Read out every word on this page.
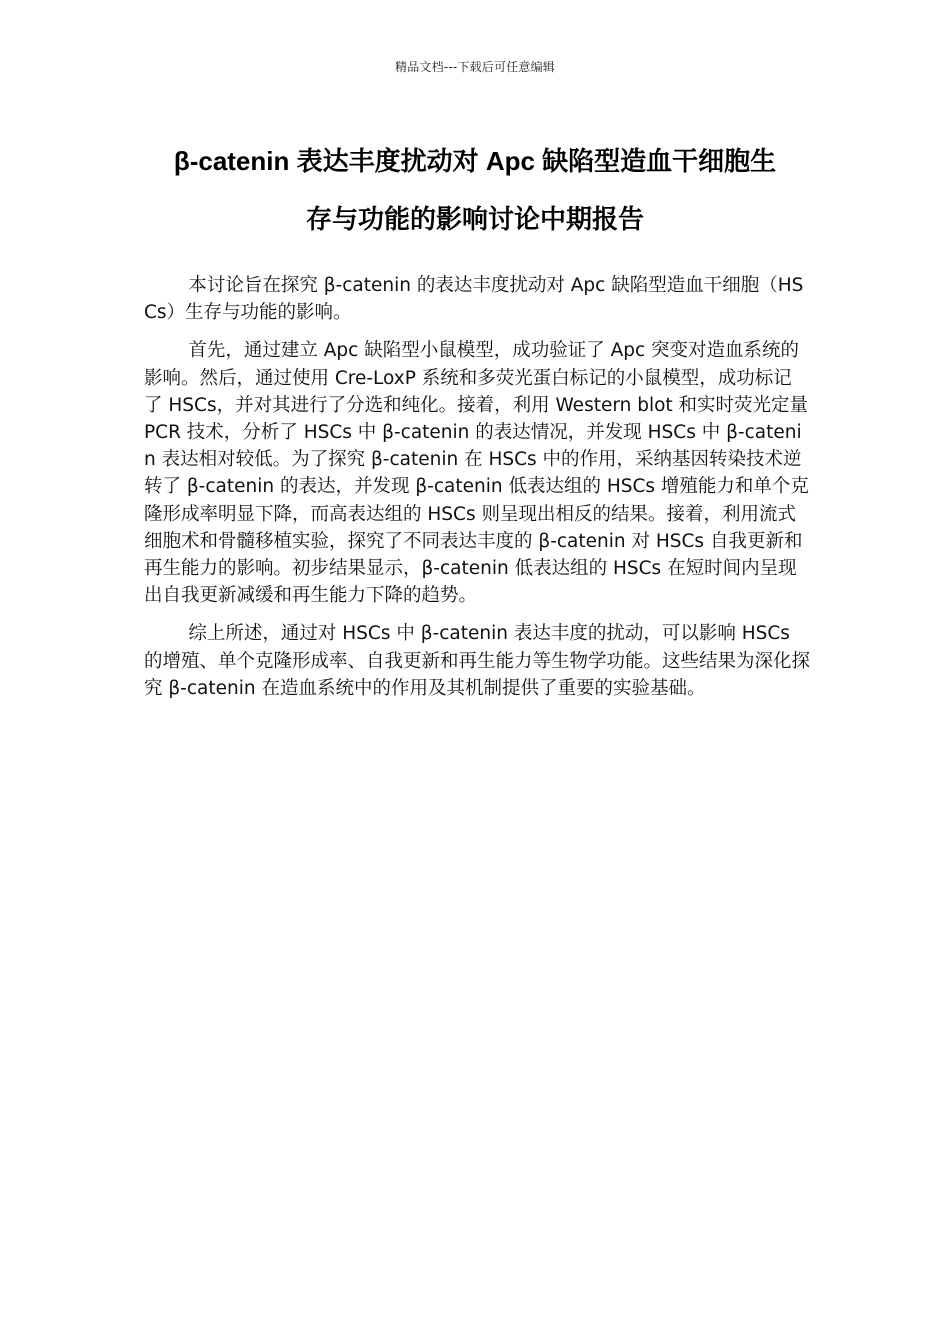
精品文档---下载后可任意编辑
β-catenin 表达丰度扰动对 Apc 缺陷型造血干细胞生
存与功能的影响讨论中期报告

本讨论旨在探究 β-catenin 的表达丰度扰动对 Apc 缺陷型造血干细胞（HSCs）生存与功能的影响。

首先，通过建立 Apc 缺陷型小鼠模型，成功验证了 Apc 突变对造血系统的影响。然后，通过使用 Cre-LoxP 系统和多荧光蛋白标记的小鼠模型，成功标记了 HSCs，并对其进行了分选和纯化。接着，利用 Western blot 和实时荧光定量 PCR 技术，分析了 HSCs 中 β-catenin 的表达情况，并发现 HSCs 中 β-catenin 表达相对较低。为了探究 β-catenin 在 HSCs 中的作用，采纳基因转染技术逆转了 β-catenin 的表达，并发现 β-catenin 低表达组的 HSCs 增殖能力和单个克隆形成率明显下降，而高表达组的 HSCs 则呈现出相反的结果。接着，利用流式细胞术和骨髓移植实验，探究了不同表达丰度的 β-catenin 对 HSCs 自我更新和再生能力的影响。初步结果显示，β-catenin 低表达组的 HSCs 在短时间内呈现出自我更新减缓和再生能力下降的趋势。

综上所述，通过对 HSCs 中 β-catenin 表达丰度的扰动，可以影响 HSCs 的增殖、单个克隆形成率、自我更新和再生能力等生物学功能。这些结果为深化探究 β-catenin 在造血系统中的作用及其机制提供了重要的实验基础。
